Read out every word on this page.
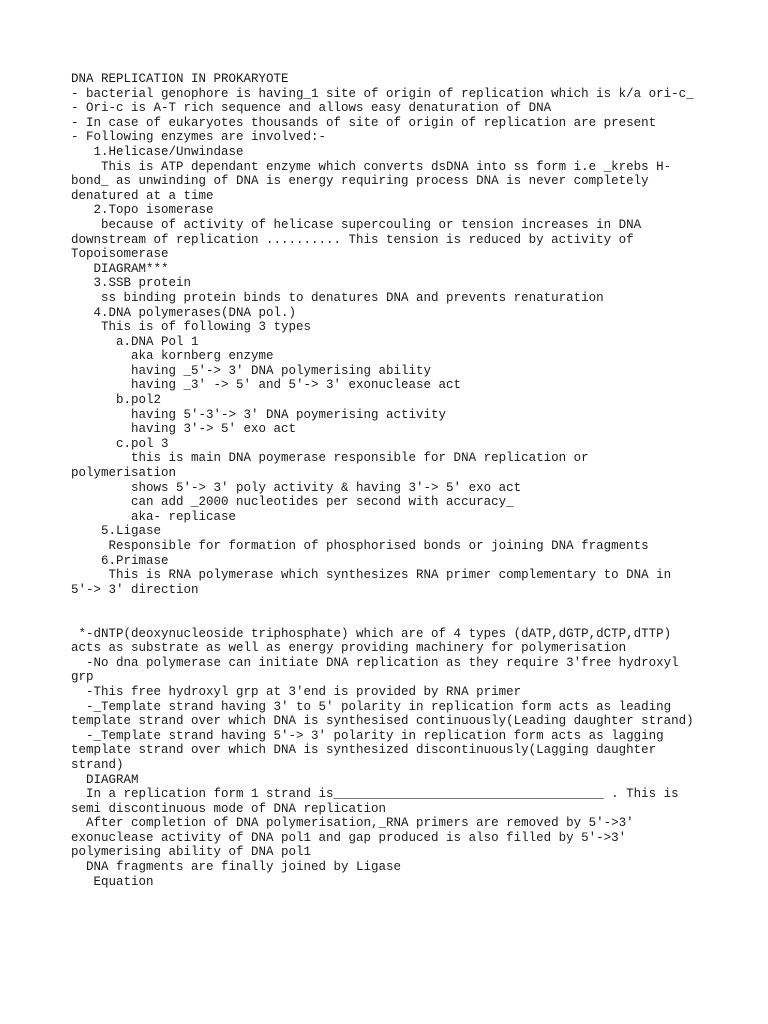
DNA REPLICATION IN PROKARYOTE
- bacterial genophore is having_1 site of origin of replication which is k/a ori-c_
- Ori-c is A-T rich sequence and allows easy denaturation of DNA
- In case of eukaryotes thousands of site of origin of replication are present
- Following enzymes are involved:-
1.Helicase/Unwindase
This is ATP dependant enzyme which converts dsDNA into ss form i.e _krebs H-
bond_ as unwinding of DNA is energy requiring process DNA is never completely
denatured at a time
2.Topo isomerase
because of activity of helicase supercouling or tension increases in DNA
downstream of replication .......... This tension is reduced by activity of
Topoisomerase
DIAGRAM***
3.SSB protein
ss binding protein binds to denatures DNA and prevents renaturation
4.DNA polymerases(DNA pol.)
This is of following 3 types
a.DNA Pol 1
aka kornberg enzyme
having _5'-> 3' DNA polymerising ability
having _3' -> 5' and 5'-> 3' exonuclease act
b.pol2
having 5'-3'-> 3' DNA poymerising activity
having 3'-> 5' exo act
c.pol 3
this is main DNA poymerase responsible for DNA replication or
polymerisation
shows 5'-> 3' poly activity & having 3'-> 5' exo act
can add _2000 nucleotides per second with accuracy_
aka- replicase
5.Ligase
Responsible for formation of phosphorised bonds or joining DNA fragments
6.Primase
This is RNA polymerase which synthesizes RNA primer complementary to DNA in
5'-> 3' direction
*-dNTP(deoxynucleoside triphosphate) which are of 4 types (dATP,dGTP,dCTP,dTTP)
acts as substrate as well as energy providing machinery for polymerisation
-No dna polymerase can initiate DNA replication as they require 3'free hydroxyl
grp
-This free hydroxyl grp at 3'end is provided by RNA primer
-_Template strand having 3' to 5' polarity in replication form acts as leading
template strand over which DNA is synthesised continuously(Leading daughter strand)
-_Template strand having 5'-> 3' polarity in replication form acts as lagging
template strand over which DNA is synthesized discontinuously(Lagging daughter
strand)
DIAGRAM
In a replication form 1 strand is____________________________________ . This is
semi discontinuous mode of DNA replication
After completion of DNA polymerisation,_RNA primers are removed by 5'->3'
exonuclease activity of DNA pol1 and gap produced is also filled by 5'->3'
polymerising ability of DNA pol1
DNA fragments are finally joined by Ligase
Equation
